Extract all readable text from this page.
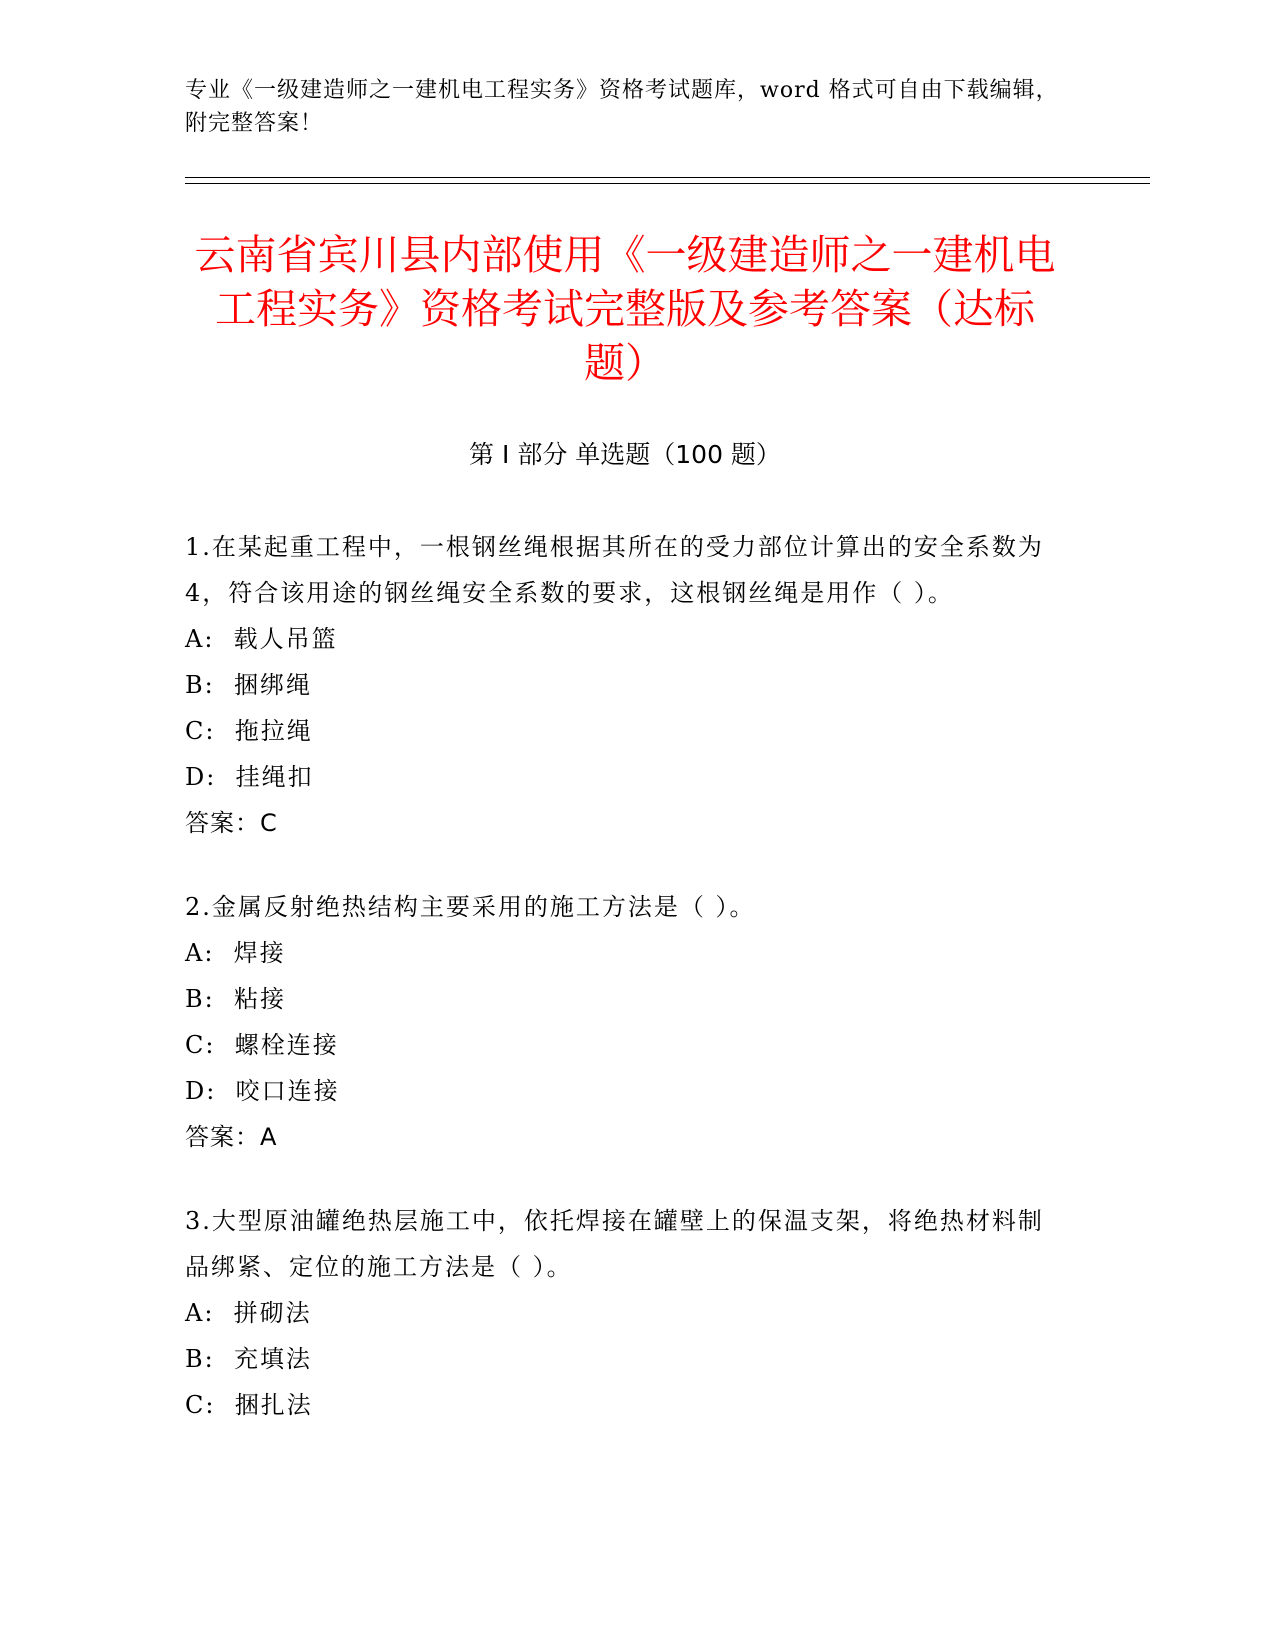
专业《一级建造师之一建机电工程实务》资格考试题库，word 格式可自由下载编辑，附完整答案！
云南省宾川县内部使用《一级建造师之一建机电工程实务》资格考试完整版及参考答案（达标题）
第 I 部分 单选题（100 题）
1.在某起重工程中，一根钢丝绳根据其所在的受力部位计算出的安全系数为4，符合该用途的钢丝绳安全系数的要求，这根钢丝绳是用作（ ）。
A:  载人吊篮
B:  捆绑绳
C:  拖拉绳
D:  挂绳扣
答案：C
2.金属反射绝热结构主要采用的施工方法是（ ）。
A:  焊接
B:  粘接
C:  螺栓连接
D:  咬口连接
答案：A
3.大型原油罐绝热层施工中，依托焊接在罐壁上的保温支架，将绝热材料制品绑紧、定位的施工方法是（ ）。
A:  拼砌法
B:  充填法
C:  捆扎法
